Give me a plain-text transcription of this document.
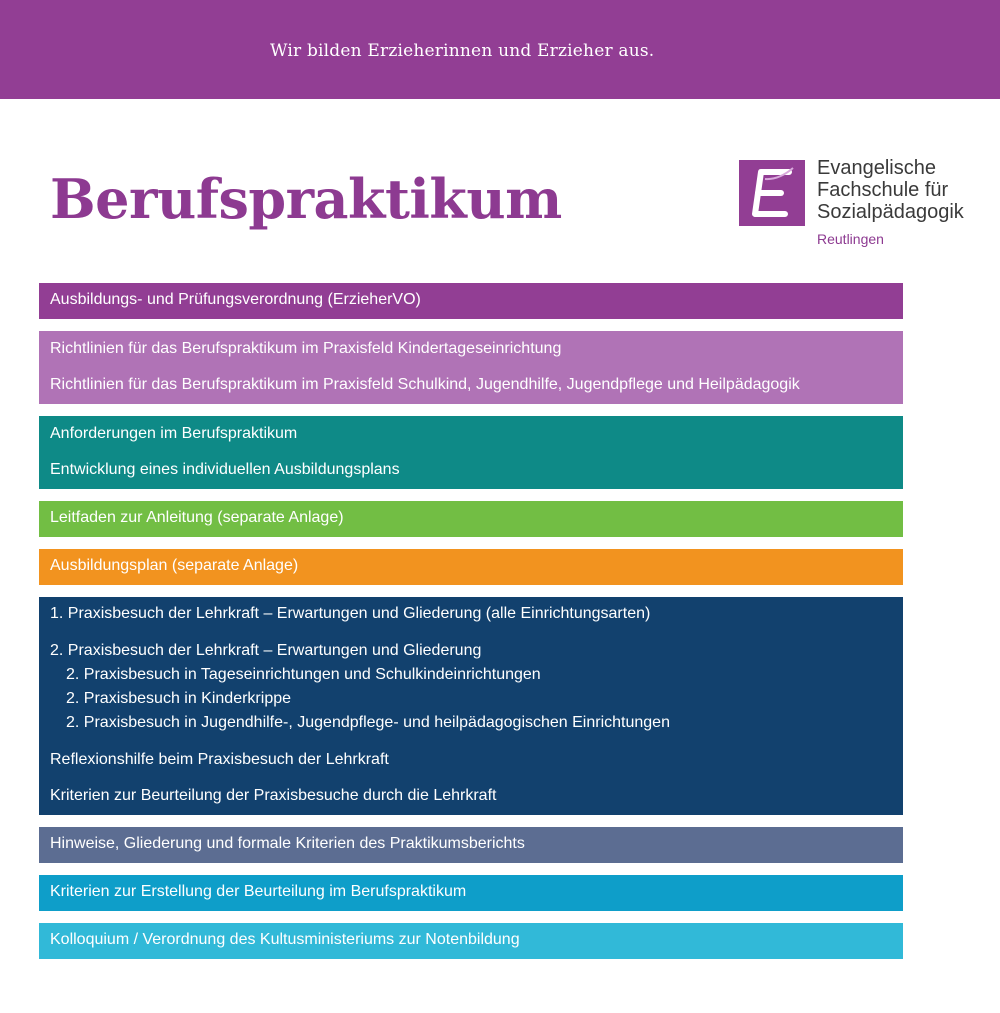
Wir bilden Erzieherinnen und Erzieher aus.
Berufspraktikum	Evangelische
Fachschule für
Sozialpädagogik
Reutlingen
Ausbildungs- und Prüfungsverordnung (ErzieherVO)
Richtlinien für das Berufspraktikum im Praxisfeld Kindertageseinrichtung
Richtlinien für das Berufspraktikum im Praxisfeld Schulkind, Jugendhilfe, Jugendpflege und Heilpädagogik
Anforderungen im Berufspraktikum
Entwicklung eines individuellen Ausbildungsplans
Leitfaden zur Anleitung (separate Anlage)
Ausbildungsplan (separate Anlage)
1. Praxisbesuch der Lehrkraft – Erwartungen und Gliederung (alle Einrichtungsarten)
2. Praxisbesuch der Lehrkraft – Erwartungen und Gliederung
2. Praxisbesuch in Tageseinrichtungen und Schulkindeinrichtungen
2. Praxisbesuch in Kinderkrippe
2. Praxisbesuch in Jugendhilfe-, Jugendpflege- und heilpädagogischen Einrichtungen
Reflexionshilfe beim Praxisbesuch der Lehrkraft
Kriterien zur Beurteilung der Praxisbesuche durch die Lehrkraft
Hinweise, Gliederung und formale Kriterien des Praktikumsberichts
Kriterien zur Erstellung der Beurteilung im Berufspraktikum
Kolloquium / Verordnung des Kultusministeriums zur Notenbildung
